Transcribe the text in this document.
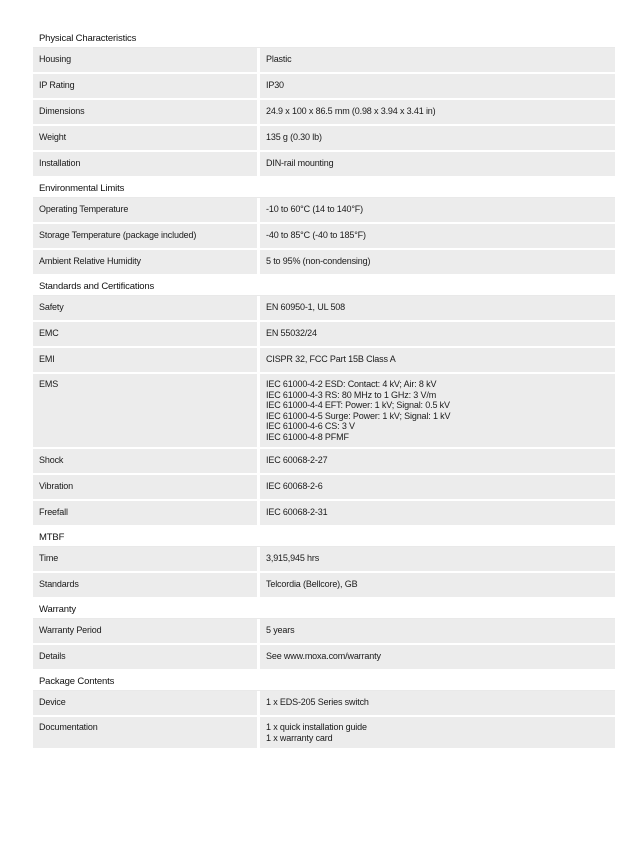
Physical Characteristics
Housing	Plastic
IP Rating	IP30
Dimensions	24.9 x 100 x 86.5 mm (0.98 x 3.94 x 3.41 in)
Weight	135 g (0.30 lb)
Installation	DIN-rail mounting
Environmental Limits
Operating Temperature	-10 to 60°C (14 to 140°F)
Storage Temperature (package included)	-40 to 85°C (-40 to 185°F)
Ambient Relative Humidity	5 to 95% (non-condensing)
Standards and Certifications
Safety	EN 60950-1, UL 508
EMC	EN 55032/24
EMI	CISPR 32, FCC Part 15B Class A
EMS	IEC 61000-4-2 ESD: Contact: 4 kV; Air: 8 kV
IEC 61000-4-3 RS: 80 MHz to 1 GHz: 3 V/m
IEC 61000-4-4 EFT: Power: 1 kV; Signal: 0.5 kV
IEC 61000-4-5 Surge: Power: 1 kV; Signal: 1 kV
IEC 61000-4-6 CS: 3 V
IEC 61000-4-8 PFMF
Shock	IEC 60068-2-27
Vibration	IEC 60068-2-6
Freefall	IEC 60068-2-31
MTBF
Time	3,915,945 hrs
Standards	Telcordia (Bellcore), GB
Warranty
Warranty Period	5 years
Details	See www.moxa.com/warranty
Package Contents
Device	1 x EDS-205 Series switch
Documentation	1 x quick installation guide
1 x warranty card
